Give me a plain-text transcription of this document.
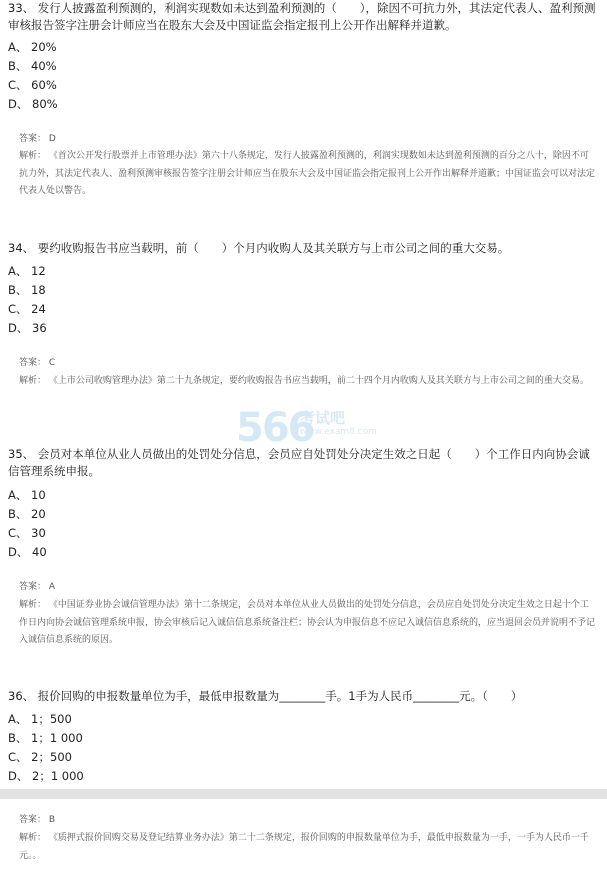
33、 发行人披露盈利预测的，利润实现数如未达到盈利预测的（　　），除因不可抗力外，其法定代表人、盈利预测审核报告签字注册会计师应当在股东大会及中国证监会指定报刊上公开作出解释并道歉。
A、 20%
B、 40%
C、 60%
D、 80%
答案： D
解析： 《首次公开发行股票并上市管理办法》第六十八条规定，发行人披露盈利预测的，利润实现数如未达到盈利预测的百分之八十，除因不可抗力外，其法定代表人、盈利预测审核报告签字注册会计师应当在股东大会及中国证监会指定报刊上公开作出解释并道歉；中国证监会可以对法定代表人处以警告。
34、 要约收购报告书应当载明，前（　　）个月内收购人及其关联方与上市公司之间的重大交易。
A、 12
B、 18
C、 24
D、 36
答案： C
解析： 《上市公司收购管理办法》第二十九条规定，要约收购报告书应当载明，前二十四个月内收购人及其关联方与上市公司之间的重大交易。
566
考试吧
www.exam8.com
35、 会员对本单位从业人员做出的处罚处分信息，会员应自处罚处分决定生效之日起（　　）个工作日内向协会诚信管理系统申报。
A、 10
B、 20
C、 30
D、 40
答案： A
解析： 《中国证券业协会诚信管理办法》第十二条规定，会员对本单位从业人员做出的处罚处分信息，会员应自处罚处分决定生效之日起十个工作日内向协会诚信管理系统申报，协会审核后记入诚信信息系统备注栏；协会认为申报信息不应记入诚信信息系统的，应当退回会员并说明不予记入诚信信息系统的原因。
36、 报价回购的申报数量单位为手，最低申报数量为________手。1手为人民币________元。（　　）
A、 1；500
B、 1；1 000
C、 2；500
D、 2；1 000
答案： B
解析： 《质押式报价回购交易及登记结算业务办法》第二十二条规定，报价回购的申报数量单位为手，最低申报数量为一手，一手为人民币一千元。。
